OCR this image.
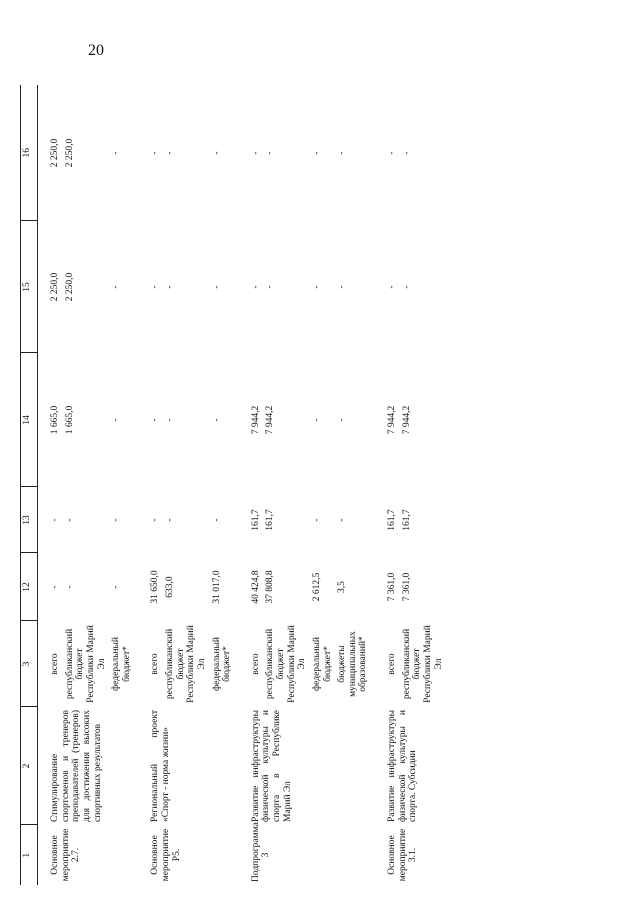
20
1	2	3	12	13	14	15	16

Основное мероприятие 2.7.	Стимулирование спортсменов и тренеров преподавателей (тренеров) для достижения высоких спортивных результатов	всего	-	-	1 665,0	2 250,0	2 250,0
		республиканский бюджет Республики Марий Эл	-	-	1 665,0	2 250,0	2 250,0
		федеральный бюджет*	-	-	-	-	-

Основное мероприятие Р5.	Региональный проект «Спорт - норма жизни»	всего	31 650,0	-	-	-	-
		республиканский бюджет Республики Марий Эл	633,0	-	-	-	-
		федеральный бюджет*	31 017,0	-	-	-	-

Подпрограмма 3	Развитие инфраструктуры физической культуры и спорта в Республике Марий Эл	всего	40 424,8	161,7	7 944,2	-	-
		республиканский бюджет Республики Марий Эл	37 808,8	161,7	7 944,2	-	-
		федеральный бюджет*	2 612,5	-	-	-	-
		бюджеты муниципальных образований*	3,5	-	-	-	-

Основное мероприятие 3.1.	Развитие инфраструктуры физической культуры и спорта. Субсидии	всего	7 361,0	161,7	7 944,2	-	-
		республиканский бюджет Республики Марий Эл	7 361,0	161,7	7 944,2	-	-
